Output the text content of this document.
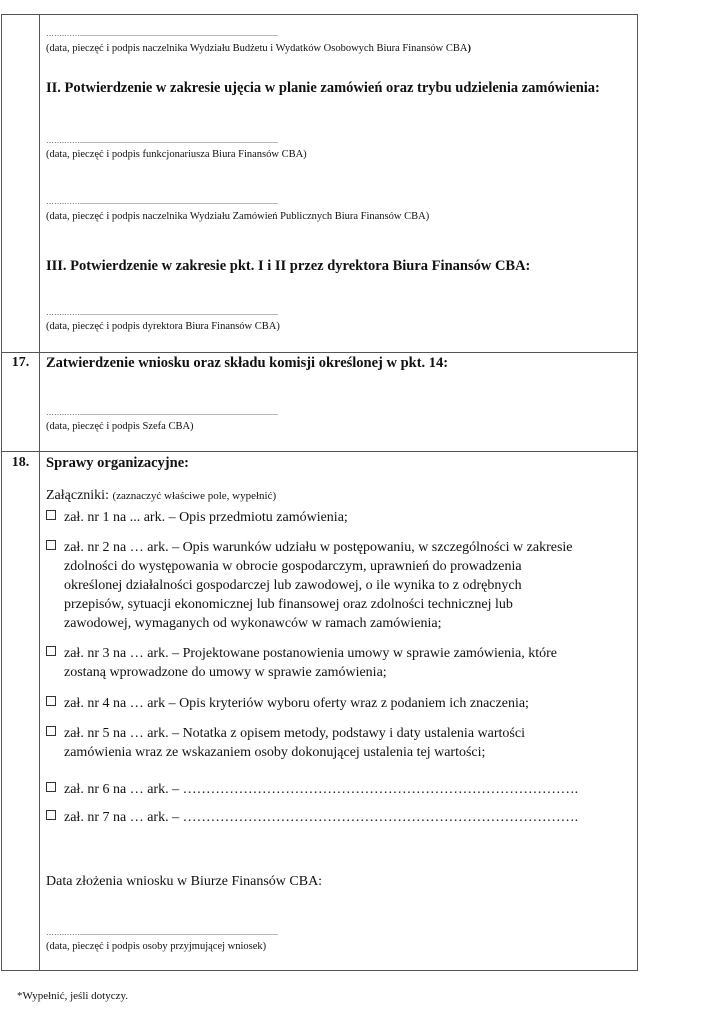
…….……...................................................................................................
(data, pieczęć i podpis naczelnika Wydziału Budżetu i Wydatków Osobowych Biura Finansów CBA)
II. Potwierdzenie w zakresie ujęcia w planie zamówień oraz trybu udzielenia zamówienia:
…….……...................................................................................................
(data, pieczęć i podpis funkcjonariusza Biura Finansów CBA)
…….……...................................................................................................
(data, pieczęć i podpis naczelnika Wydziału Zamówień Publicznych Biura Finansów CBA)
III. Potwierdzenie w zakresie pkt. I i II przez dyrektora Biura Finansów CBA:
…….……...................................................................................................
(data, pieczęć i podpis dyrektora Biura Finansów CBA)
17.	Zatwierdzenie wniosku oraz składu komisji określonej w pkt. 14:
…….……...................................................................................................
(data, pieczęć i podpis Szefa CBA)
18.	Sprawy organizacyjne:
Załączniki: (zaznaczyć właściwe pole, wypełnić)
zał. nr 1 na ... ark. – Opis przedmiotu zamówienia;
zał. nr 2 na … ark. – Opis warunków udziału w postępowaniu, w szczególności w zakresie
zdolności do występowania w obrocie gospodarczym, uprawnień do prowadzenia
określonej działalności gospodarczej lub zawodowej, o ile wynika to z odrębnych
przepisów, sytuacji ekonomicznej lub finansowej oraz zdolności technicznej lub
zawodowej, wymaganych od wykonawców w ramach zamówienia;
zał. nr 3 na … ark. – Projektowane postanowienia umowy w sprawie zamówienia, które
zostaną wprowadzone do umowy w sprawie zamówienia;
zał. nr 4 na … ark – Opis kryteriów wyboru oferty wraz z podaniem ich znaczenia;
zał. nr 5 na … ark. – Notatka z opisem metody, podstawy i daty ustalenia wartości
zamówienia wraz ze wskazaniem osoby dokonującej ustalenia tej wartości;
zał. nr 6 na … ark. – ………………………………………………………………………….
zał. nr 7 na … ark. – ………………………………………………………………………….
Data złożenia wniosku w Biurze Finansów CBA:
…….……...................................................................................................
(data, pieczęć i podpis osoby przyjmującej wniosek)
*Wypełnić, jeśli dotyczy.
